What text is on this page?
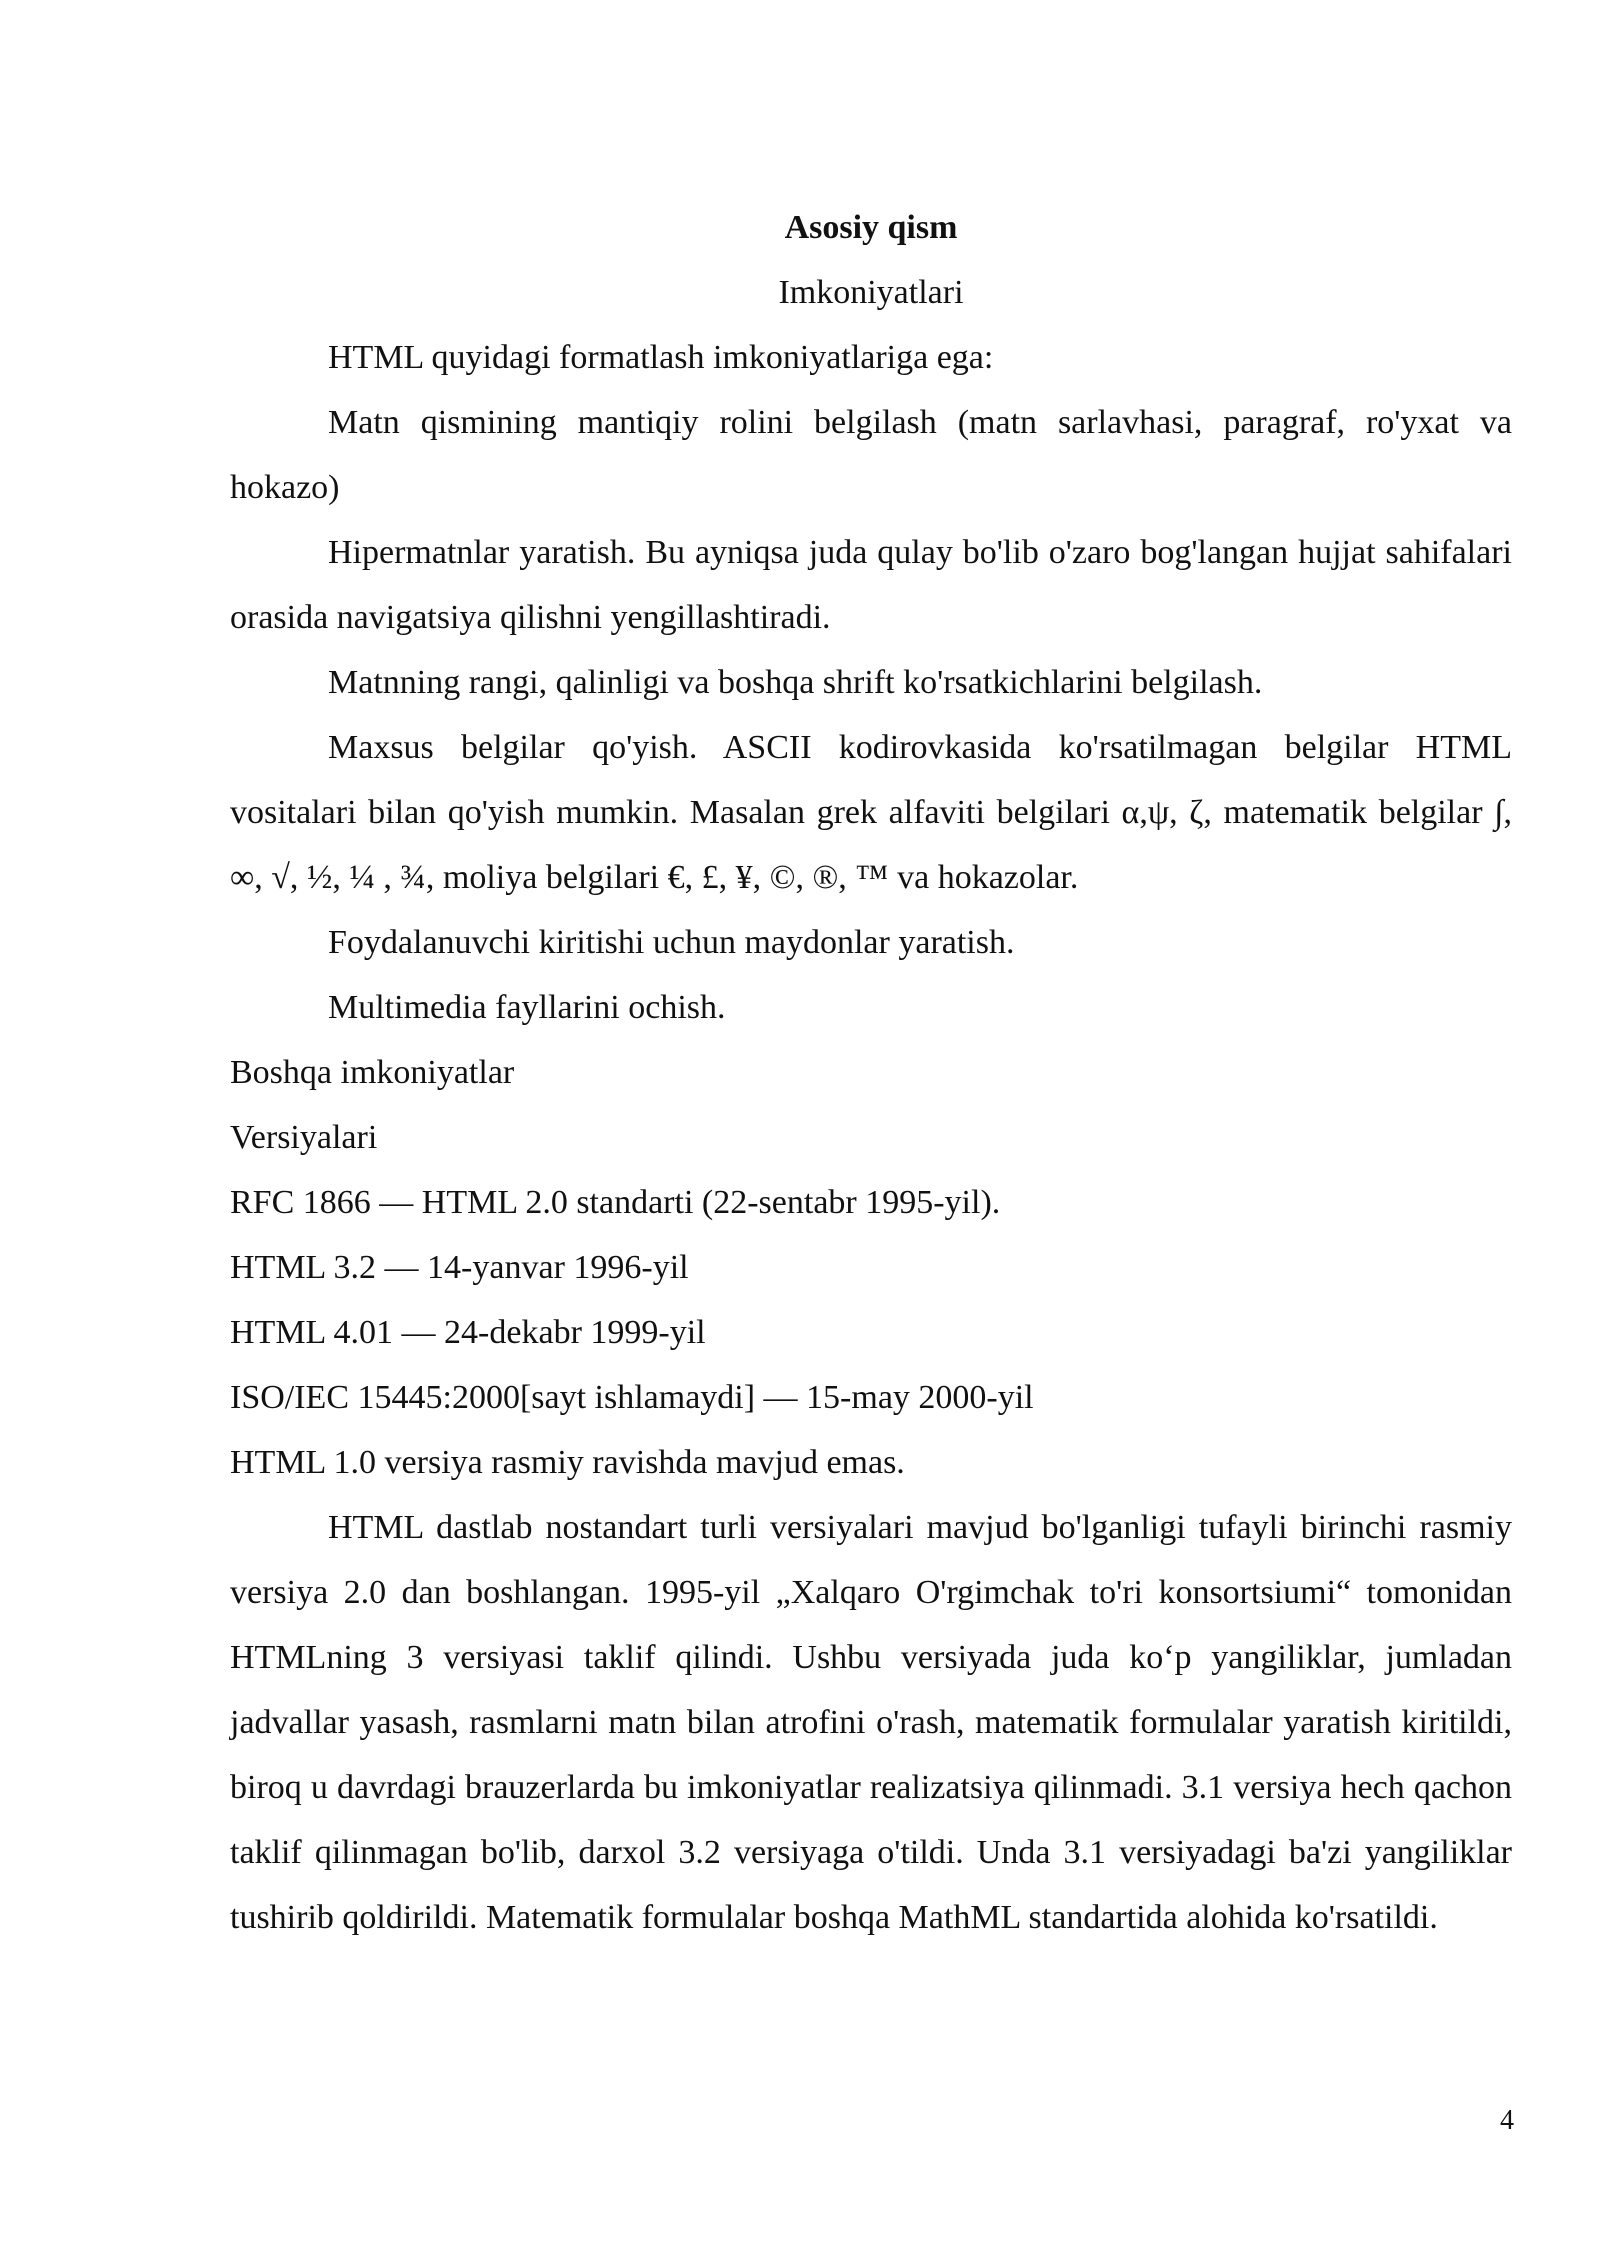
Asosiy qism

Imkoniyatlari

HTML quyidagi formatlash imkoniyatlariga ega:

Matn qismining mantiqiy rolini belgilash (matn sarlavhasi, paragraf, ro'yxat va hokazo)

Hipermatnlar yaratish. Bu ayniqsa juda qulay bo'lib o'zaro bog'langan hujjat sahifalari orasida navigatsiya qilishni yengillashtiradi.

Matnning rangi, qalinligi va boshqa shrift ko'rsatkichlarini belgilash.

Maxsus belgilar qo'yish. ASCII kodirovkasida ko'rsatilmagan belgilar HTML vositalari bilan qo'yish mumkin. Masalan grek alfaviti belgilari α,ψ, ζ, matematik belgilar ∫, ∞, √, ½, ¼ , ¾, moliya belgilari €, £, ¥, ©, ®, ™ va hokazolar.

Foydalanuvchi kiritishi uchun maydonlar yaratish.

Multimedia fayllarini ochish.

Boshqa imkoniyatlar

Versiyalari

RFC 1866 — HTML 2.0 standarti (22-sentabr 1995-yil).

HTML 3.2 — 14-yanvar 1996-yil

HTML 4.01 — 24-dekabr 1999-yil

ISO/IEC 15445:2000[sayt ishlamaydi] — 15-may 2000-yil

HTML 1.0 versiya rasmiy ravishda mavjud emas.

HTML dastlab nostandart turli versiyalari mavjud bo'lganligi tufayli birinchi rasmiy versiya 2.0 dan boshlangan. 1995-yil „Xalqaro O'rgimchak to'ri konsortsiumi“ tomonidan HTMLning 3 versiyasi taklif qilindi. Ushbu versiyada juda ko‘p yangiliklar, jumladan jadvallar yasash, rasmlarni matn bilan atrofini o'rash, matematik formulalar yaratish kiritildi, biroq u davrdagi brauzerlarda bu imkoniyatlar realizatsiya qilinmadi. 3.1 versiya hech qachon taklif qilinmagan bo'lib, darxol 3.2 versiyaga o'tildi. Unda 3.1 versiyadagi ba'zi yangiliklar tushirib qoldirildi. Matematik formulalar boshqa MathML standartida alohida ko'rsatildi.

4
